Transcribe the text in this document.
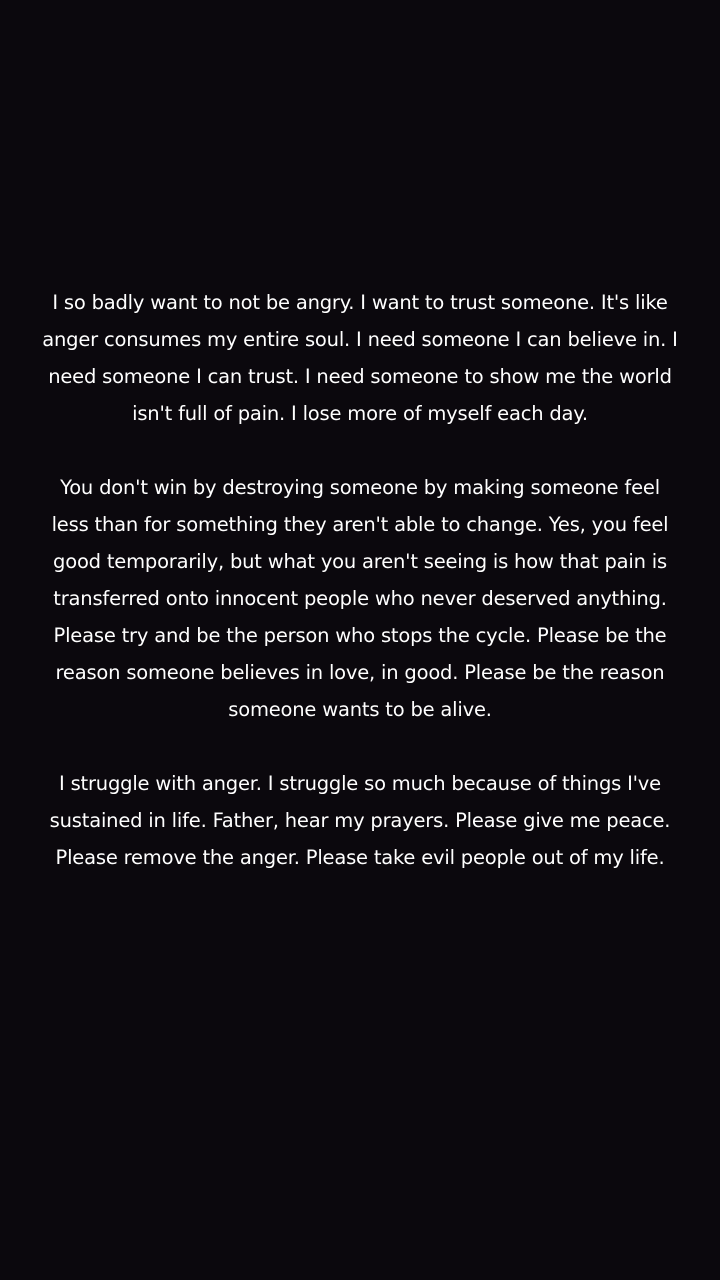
I so badly want to not be angry. I want to trust someone. It's like anger consumes my entire soul. I need someone I can believe in. I need someone I can trust. I need someone to show me the world isn't full of pain. I lose more of myself each day.

You don't win by destroying someone by making someone feel less than for something they aren't able to change. Yes, you feel good temporarily, but what you aren't seeing is how that pain is transferred onto innocent people who never deserved anything. Please try and be the person who stops the cycle. Please be the reason someone believes in love, in good. Please be the reason someone wants to be alive.

I struggle with anger. I struggle so much because of things I've sustained in life. Father, hear my prayers. Please give me peace. Please remove the anger. Please take evil people out of my life.
